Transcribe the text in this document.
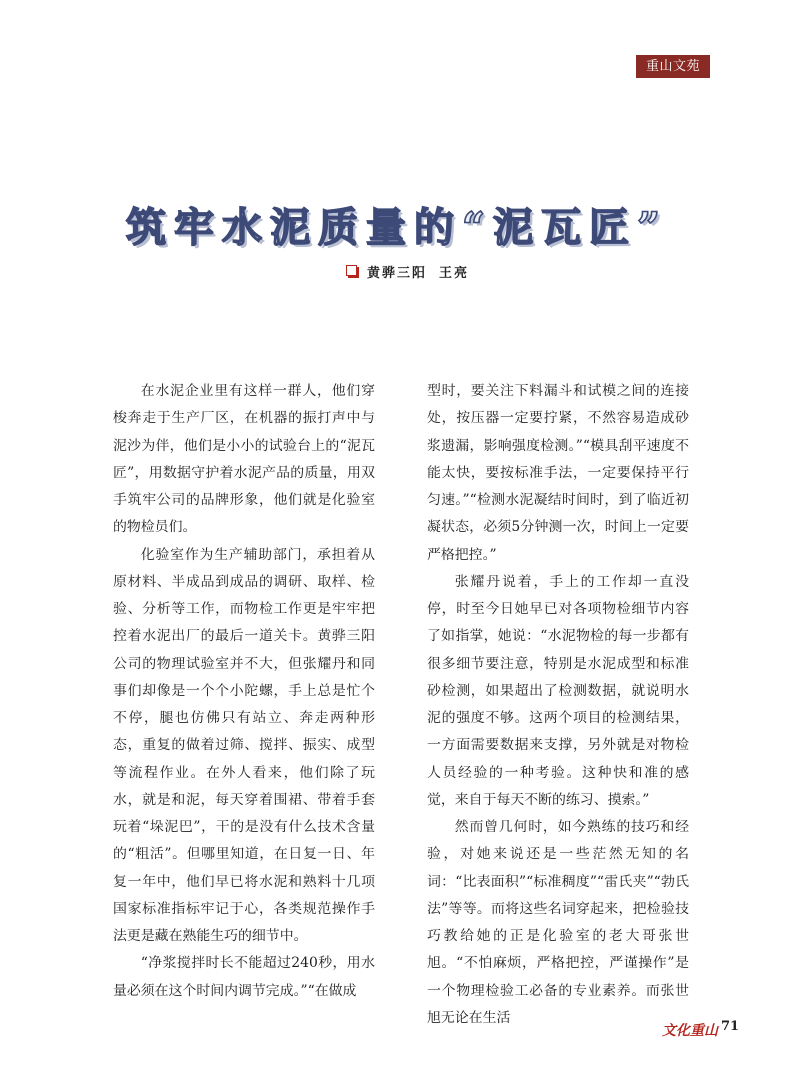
重山文苑
筑牢水泥质量的“泥瓦匠”
黄骅三阳 王亮

在水泥企业里有这样一群人，他们穿梭奔走于生产厂区，在机器的振打声中与泥沙为伴，他们是小小的试验台上的“泥瓦匠”，用数据守护着水泥产品的质量，用双手筑牢公司的品牌形象，他们就是化验室的物检员们。

化验室作为生产辅助部门，承担着从原材料、半成品到成品的调研、取样、检验、分析等工作，而物检工作更是牢牢把控着水泥出厂的最后一道关卡。黄骅三阳公司的物理试验室并不大，但张耀丹和同事们却像是一个个小陀螺，手上总是忙个不停，腿也仿佛只有站立、奔走两种形态，重复的做着过筛、搅拌、振实、成型等流程作业。在外人看来，他们除了玩水，就是和泥，每天穿着围裙、带着手套玩着“垛泥巴”，干的是没有什么技术含量的“粗活”。但哪里知道，在日复一日、年复一年中，他们早已将水泥和熟料十几项国家标准指标牢记于心，各类规范操作手法更是藏在熟能生巧的细节中。

“净浆搅拌时长不能超过240秒，用水量必须在这个时间内调节完成。”“在做成

型时，要关注下料漏斗和试模之间的连接处，按压器一定要拧紧，不然容易造成砂浆遗漏，影响强度检测。”“模具刮平速度不能太快，要按标准手法，一定要保持平行匀速。”“检测水泥凝结时间时，到了临近初凝状态，必须5分钟测一次，时间上一定要严格把控。”

张耀丹说着，手上的工作却一直没停，时至今日她早已对各项物检细节内容了如指掌，她说：“水泥物检的每一步都有很多细节要注意，特别是水泥成型和标准砂检测，如果超出了检测数据，就说明水泥的强度不够。这两个项目的检测结果，一方面需要数据来支撑，另外就是对物检人员经验的一种考验。这种快和准的感觉，来自于每天不断的练习、摸索。”

然而曾几何时，如今熟练的技巧和经验，对她来说还是一些茫然无知的名词：“比表面积”“标准稠度”“雷氏夹”“勃氏法”等等。而将这些名词穿起来，把检验技巧教给她的正是化验室的老大哥张世旭。“不怕麻烦，严格把控，严谨操作”是一个物理检验工必备的专业素养。而张世旭无论在生活

文化重山 71
